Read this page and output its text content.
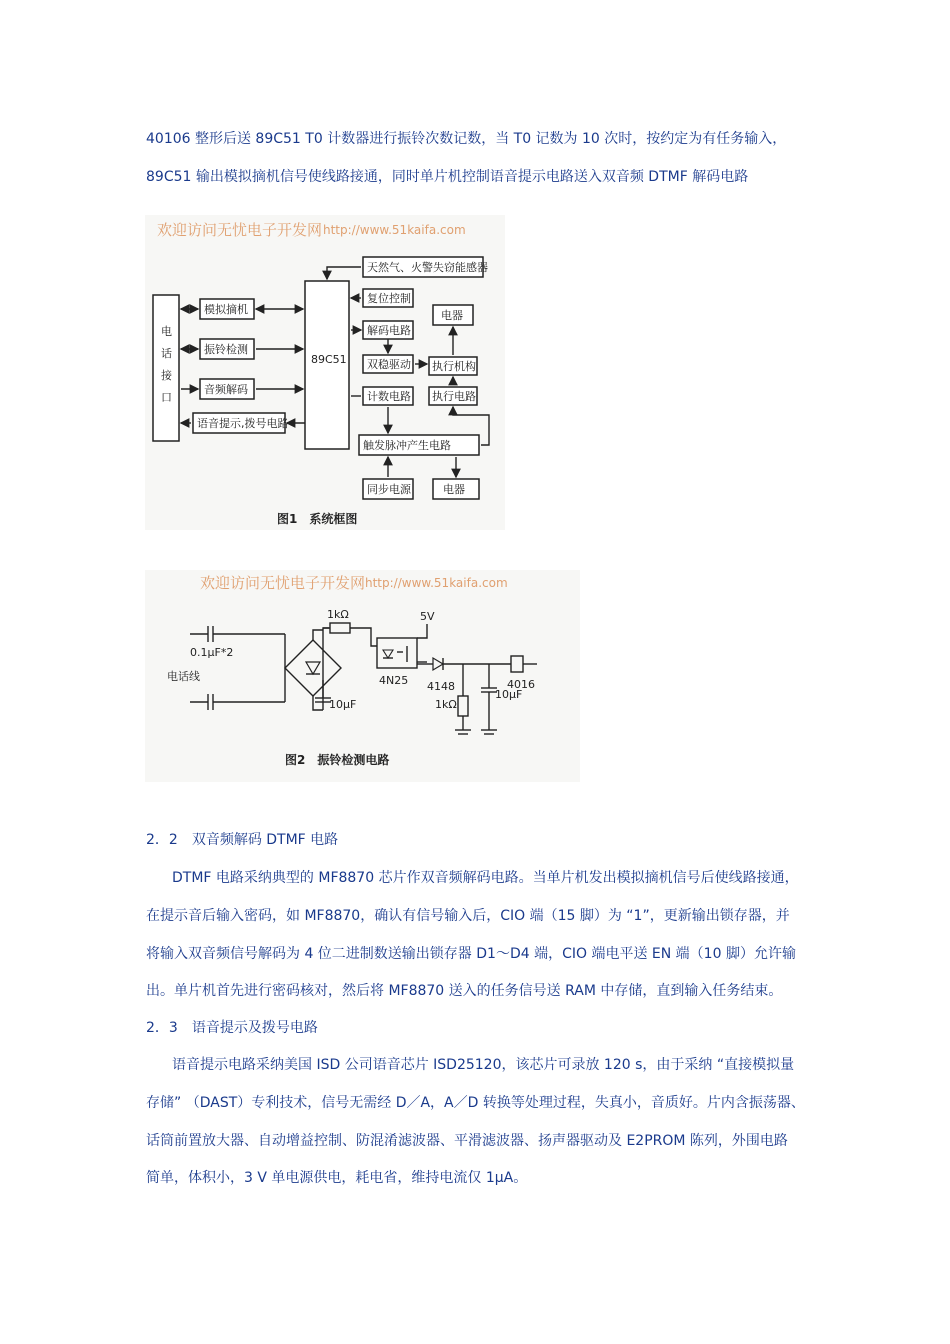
40106 整形后送 89C51 T0 计数器进行振铃次数记数，当 T0 记数为 10 次时，按约定为有任务输入，
89C51 输出模拟摘机信号使线路接通，同时单片机控制语音提示电路送入双音频 DTMF 解码电路
欢迎访问无忧电子开发网 http://www.51kaifa.com
电
话
接
口
模拟摘机
振铃检测
音频解码
语音提示,拨号电路
89C51
天然气、火警失窃能感器
复位控制
解码电路
双稳驱动
计数电路
电器
执行机构
执行电路
触发脉冲产生电路
同步电源	电器
图1　系统框图
欢迎访问无忧电子开发网 http://www.51kaifa.com
0.1μF*2
电话线
1kΩ
10μF
4N25
5V
4148	4016
1kΩ
10μF
图2　振铃检测电路
2．2　双音频解码 DTMF 电路
DTMF 电路采纳典型的 MF8870 芯片作双音频解码电路。当单片机发出模拟摘机信号后使线路接通，
在提示音后输入密码，如 MF8870，确认有信号输入后，CIO 端（15 脚）为 “1”，更新输出锁存器，并
将输入双音频信号解码为 4 位二进制数送输出锁存器 D1～D4 端，CIO 端电平送 EN 端（10 脚）允许输
出。单片机首先进行密码核对，然后将 MF8870 送入的任务信号送 RAM 中存储，直到输入任务结束。
2．3　语音提示及拨号电路
语音提示电路采纳美国 ISD 公司语音芯片 ISD25120，该芯片可录放 120 s，由于采纳 “直接模拟量
存储” （DAST）专利技术，信号无需经 D／A，A／D 转换等处理过程，失真小，音质好。片内含振荡器、
话筒前置放大器、自动增益控制、防混淆滤波器、平滑滤波器、扬声器驱动及 E2PROM 陈列，外围电路
简单，体积小，3 V 单电源供电，耗电省，维持电流仅 1μA。
